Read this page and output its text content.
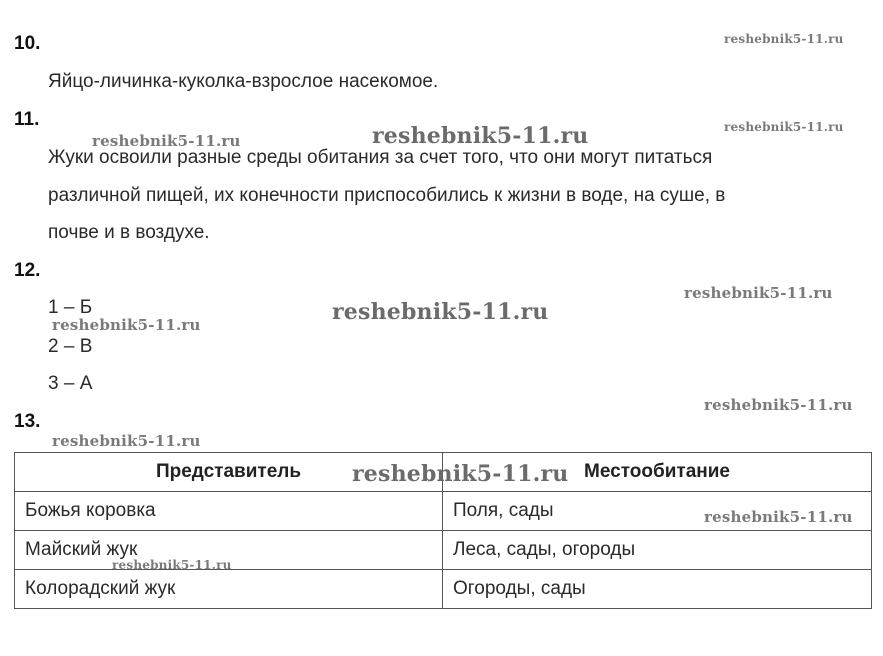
10.
Яйцо-личинка-куколка-взрослое насекомое.
11.
Жуки освоили разные среды обитания за счет того, что они могут питаться
различной пищей, их конечности приспособились к жизни в воде, на суше, в
почве и в воздухе.
12.
1 – Б
2 – В
3 – А
13.
Представитель	Местообитание
Божья коровка	Поля, сады
Майский жук	Леса, сады, огороды
Колорадский жук	Огороды, сады
reshebnik5-11.ru
reshebnik5-11.ru	reshebnik5-11.ru	reshebnik5-11.ru
reshebnik5-11.ru
reshebnik5-11.ru
reshebnik5-11.ru
reshebnik5-11.ru
reshebnik5-11.ru
reshebnik5-11.ru
reshebnik5-11.ru
reshebnik5-11.ru
